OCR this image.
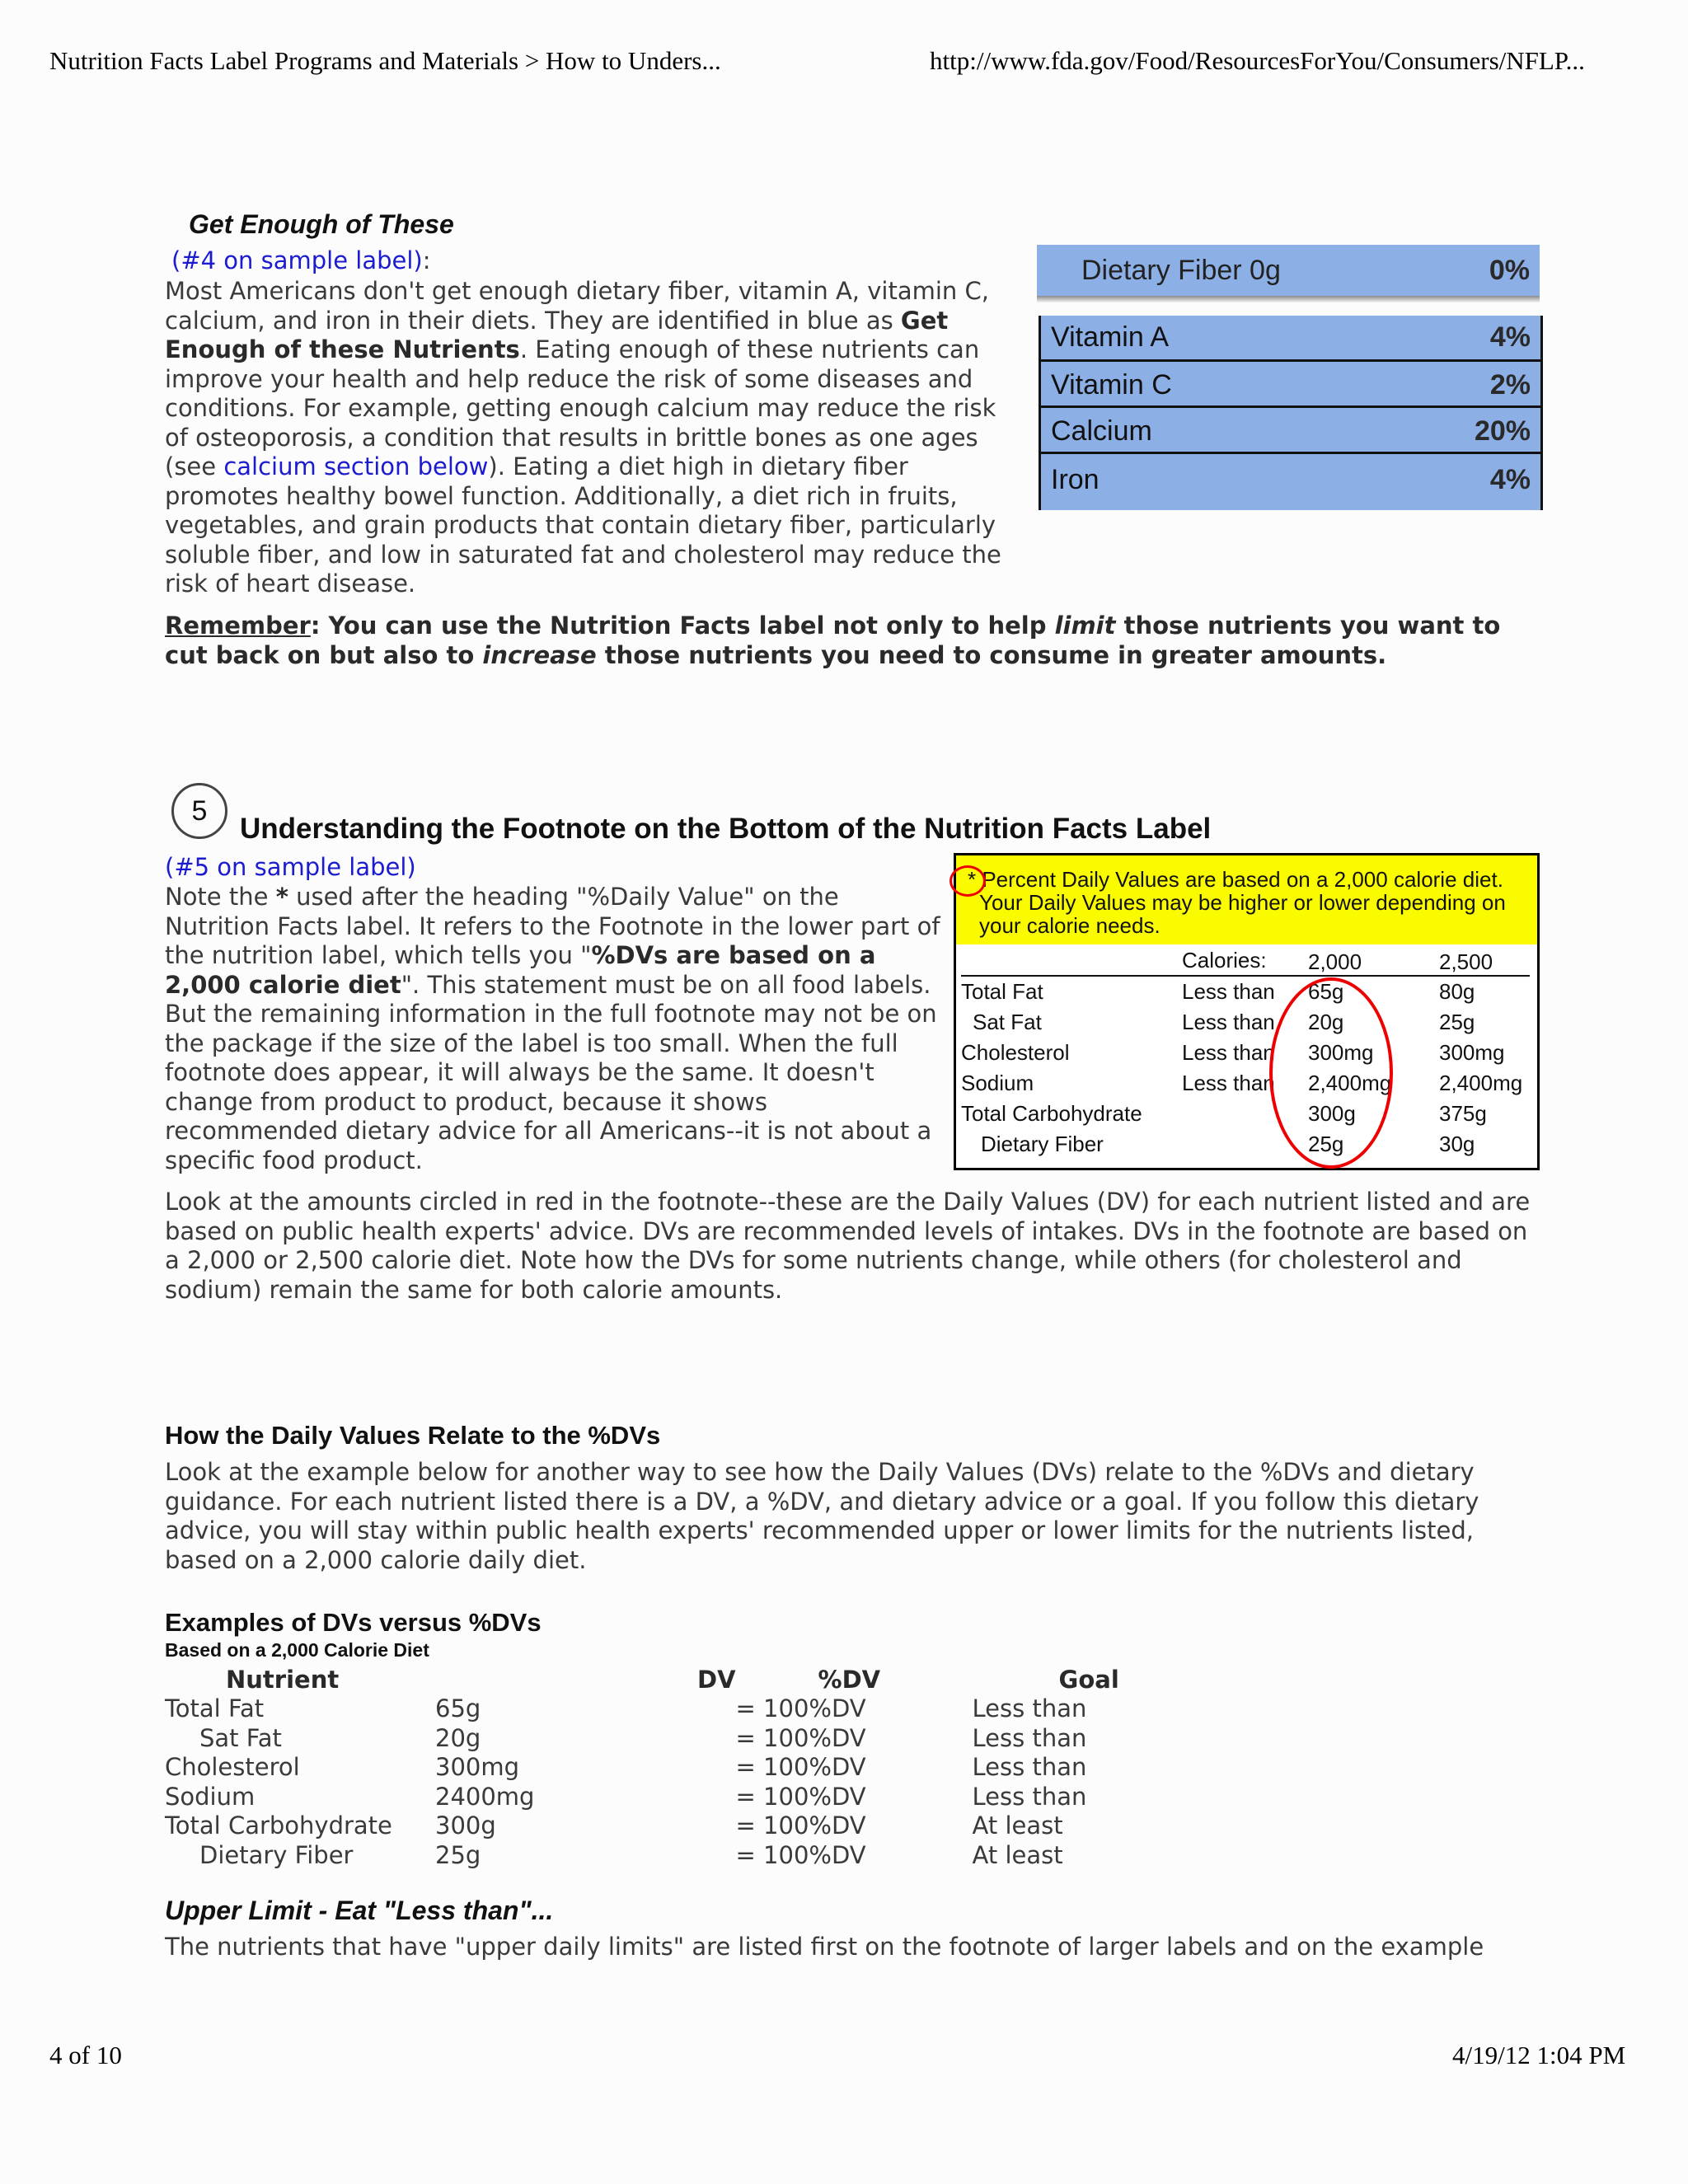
Nutrition Facts Label Programs and Materials > How to Unders...	http://www.fda.gov/Food/ResourcesForYou/Consumers/NFLP...
Get Enough of These
(#4 on sample label):
Most Americans don't get enough dietary fiber, vitamin A, vitamin C, calcium, and iron in their diets. They are identified in blue as Get Enough of these Nutrients. Eating enough of these nutrients can improve your health and help reduce the risk of some diseases and conditions. For example, getting enough calcium may reduce the risk of osteoporosis, a condition that results in brittle bones as one ages (see calcium section below). Eating a diet high in dietary fiber promotes healthy bowel function. Additionally, a diet rich in fruits, vegetables, and grain products that contain dietary fiber, particularly soluble fiber, and low in saturated fat and cholesterol may reduce the risk of heart disease.
Dietary Fiber 0g	0%
Vitamin A	4%
Vitamin C	2%
Calcium	20%
Iron	4%
Remember: You can use the Nutrition Facts label not only to help limit those nutrients you want to cut back on but also to increase those nutrients you need to consume in greater amounts.
5
Understanding the Footnote on the Bottom of the Nutrition Facts Label
(#5 on sample label)
Note the * used after the heading "%Daily Value" on the Nutrition Facts label. It refers to the Footnote in the lower part of the nutrition label, which tells you "%DVs are based on a 2,000 calorie diet". This statement must be on all food labels. But the remaining information in the full footnote may not be on the package if the size of the label is too small. When the full footnote does appear, it will always be the same. It doesn't change from product to product, because it shows recommended dietary advice for all Americans--it is not about a specific food product.
* Percent Daily Values are based on a 2,000 calorie diet.
Your Daily Values may be higher or lower depending on
your calorie needs.
Calories: 2,000	2,500
Total Fat	Less than 65g	80g
Sat Fat	Less than 20g	25g
Cholesterol	Less than 300mg	300mg
Sodium	Less than 2,400mg 2,400mg
Total Carbohydrate	300g	375g
Dietary Fiber	25g	30g
Look at the amounts circled in red in the footnote--these are the Daily Values (DV) for each nutrient listed and are based on public health experts' advice. DVs are recommended levels of intakes. DVs in the footnote are based on a 2,000 or 2,500 calorie diet. Note how the DVs for some nutrients change, while others (for cholesterol and sodium) remain the same for both calorie amounts.
How the Daily Values Relate to the %DVs
Look at the example below for another way to see how the Daily Values (DVs) relate to the %DVs and dietary guidance. For each nutrient listed there is a DV, a %DV, and dietary advice or a goal. If you follow this dietary advice, you will stay within public health experts' recommended upper or lower limits for the nutrients listed, based on a 2,000 calorie daily diet.
Examples of DVs versus %DVs
Based on a 2,000 Calorie Diet
Nutrient	DV	%DV	Goal
Total Fat	65g	= 100%DV	Less than
Sat Fat	20g	= 100%DV	Less than
Cholesterol	300mg	= 100%DV	Less than
Sodium	2400mg	= 100%DV	Less than
Total Carbohydrate	300g	= 100%DV	At least
Dietary Fiber	25g	= 100%DV	At least
Upper Limit - Eat "Less than"...
The nutrients that have "upper daily limits" are listed first on the footnote of larger labels and on the example
4 of 10	4/19/12 1:04 PM
